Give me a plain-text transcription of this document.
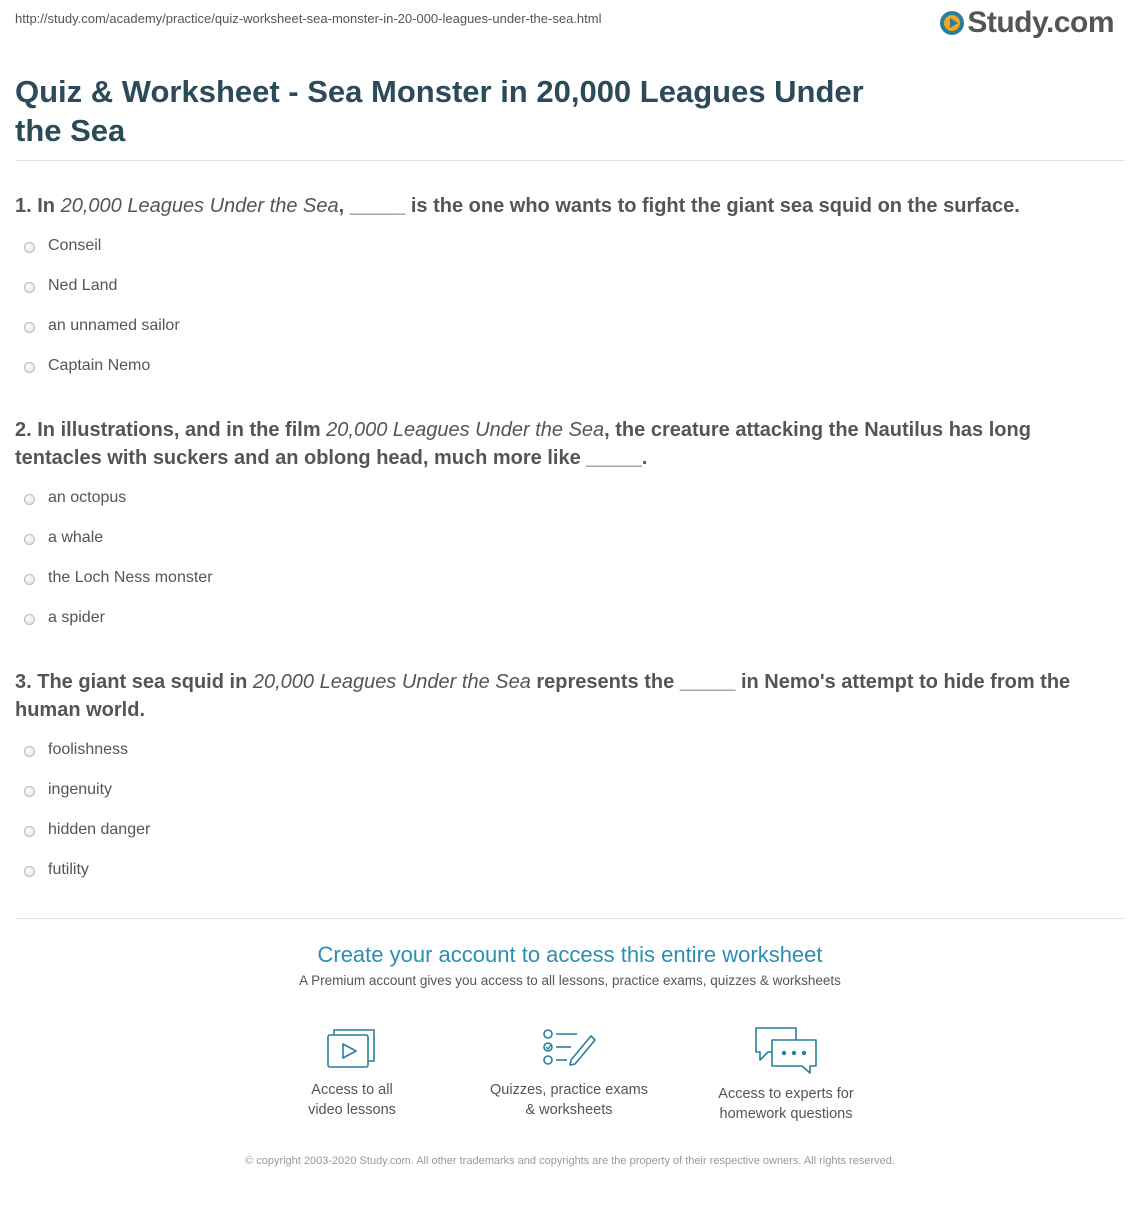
http://study.com/academy/practice/quiz-worksheet-sea-monster-in-20-000-leagues-under-the-sea.html	Study.com
Quiz & Worksheet - Sea Monster in 20,000 Leagues Under the Sea

1. In 20,000 Leagues Under the Sea, _____ is the one who wants to fight the giant sea squid on the surface.

Conseil
Ned Land
an unnamed sailor
Captain Nemo

2. In illustrations, and in the film 20,000 Leagues Under the Sea, the creature attacking the Nautilus has long tentacles with suckers and an oblong head, much more like _____.

an octopus
a whale
the Loch Ness monster
a spider

3. The giant sea squid in 20,000 Leagues Under the Sea represents the _____ in Nemo's attempt to hide from the human world.

foolishness
ingenuity
hidden danger
futility
Create your account to access this entire worksheet
A Premium account gives you access to all lessons, practice exams, quizzes & worksheets
Access to all
video lessons
Quizzes, practice exams
& worksheets
Access to experts for
homework questions
© copyright 2003-2020 Study.com. All other trademarks and copyrights are the property of their respective owners. All rights reserved.
